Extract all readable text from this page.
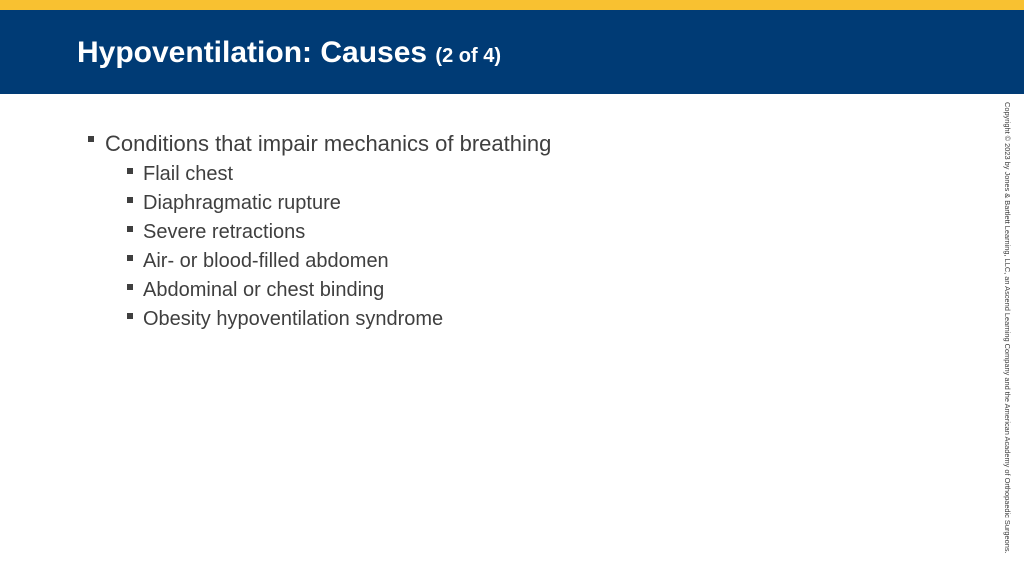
Hypoventilation: Causes (2 of 4)
Conditions that impair mechanics of breathing
Flail chest
Diaphragmatic rupture
Severe retractions
Air- or blood-filled abdomen
Abdominal or chest binding
Obesity hypoventilation syndrome	Copyright © 2023 by Jones & Bartlett Learning, LLC, an Ascend Learning Company and the American Academy of Orthopaedic Surgeons.
